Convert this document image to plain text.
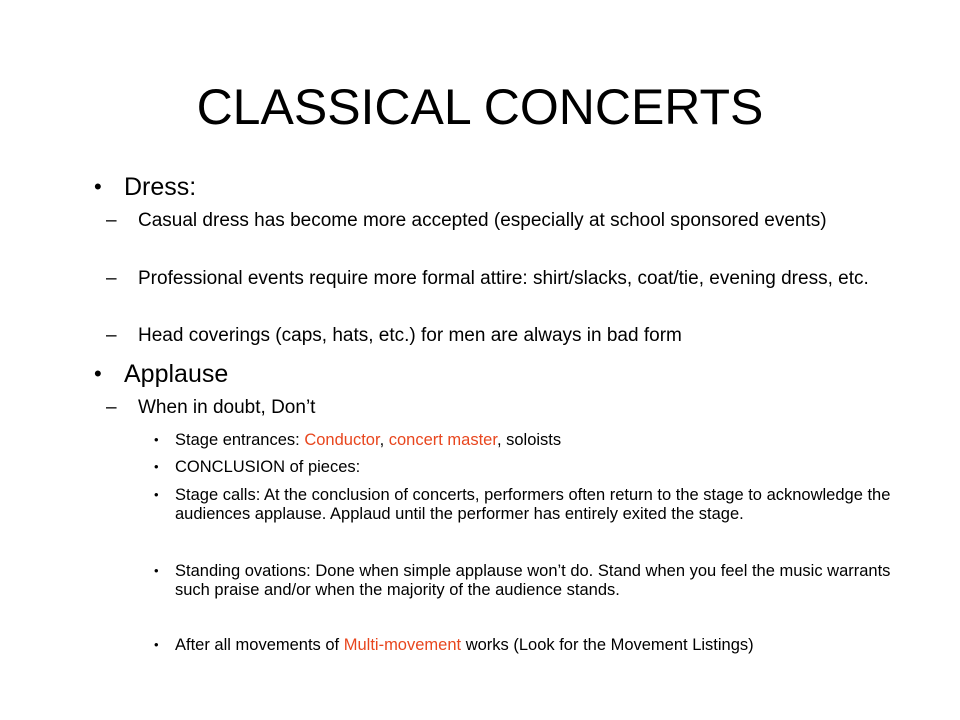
CLASSICAL CONCERTS
• Dress:
– Casual dress has become more accepted (especially at school sponsored events)
– Professional events require more formal attire: shirt/slacks, coat/tie, evening dress, etc.
– Head coverings (caps, hats, etc.) for men are always in bad form
• Applause
– When in doubt, Don’t
• Stage entrances: Conductor, concert master, soloists
• CONCLUSION of pieces:
• Stage calls: At the conclusion of concerts, performers often return to the stage to acknowledge the audiences applause. Applaud until the performer has entirely exited the stage.
• Standing ovations: Done when simple applause won’t do. Stand when you feel the music warrants such praise and/or when the majority of the audience stands.
• After all movements of Multi-movement works (Look for the Movement Listings)
